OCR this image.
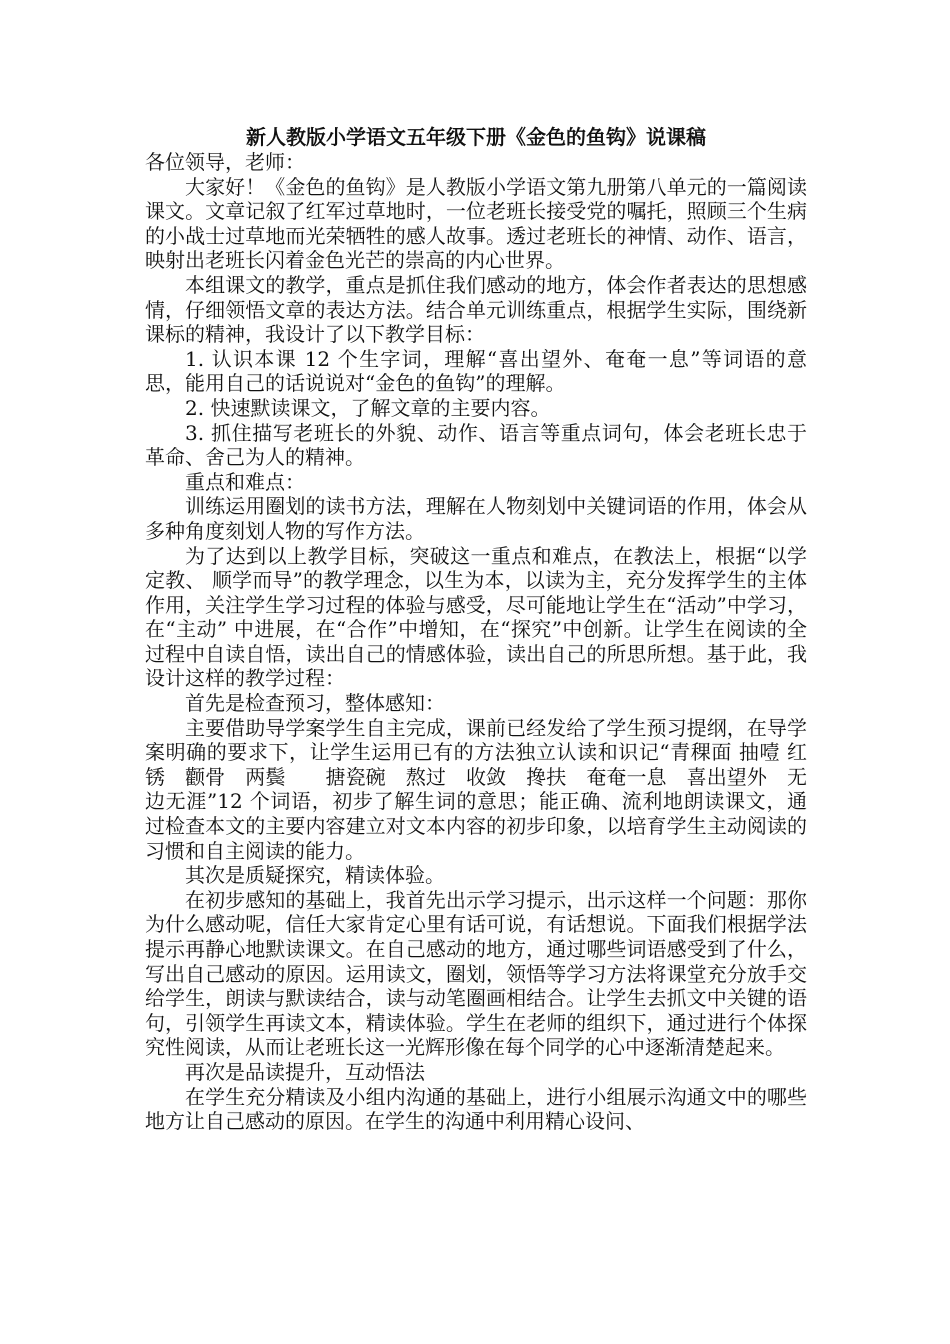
新人教版小学语文五年级下册《金色的鱼钩》说课稿

各位领导，老师：

大家好！《金色的鱼钩》是人教版小学语文第九册第八单元的一篇阅读课文。文章记叙了红军过草地时，一位老班长接受党的嘱托，照顾三个生病的小战士过草地而光荣牺牲的感人故事。透过老班长的神情、动作、语言，映射出老班长闪着金色光芒的崇高的内心世界。

本组课文的教学，重点是抓住我们感动的地方，体会作者表达的思想感情，仔细领悟文章的表达方法。结合单元训练重点，根据学生实际，围绕新课标的精神，我设计了以下教学目标：

1. 认识本课 12 个生字词，理解“喜出望外、奄奄一息”等词语的意思，能用自己的话说说对“金色的鱼钩”的理解。

2. 快速默读课文，了解文章的主要内容。

3. 抓住描写老班长的外貌、动作、语言等重点词句，体会老班长忠于革命、舍己为人的精神。

重点和难点：

训练运用圈划的读书方法，理解在人物刻划中关键词语的作用，体会从多种角度刻划人物的写作方法。

为了达到以上教学目标，突破这一重点和难点，在教法上，根据“以学定教、 顺学而导”的教学理念，以生为本，以读为主，充分发挥学生的主体作用，关注学生学习过程的体验与感受，尽可能地让学生在“活动”中学习，在“主动” 中进展，在“合作”中增知，在“探究”中创新。让学生在阅读的全过程中自读自悟，读出自己的情感体验，读出自己的所思所想。基于此，我设计这样的教学过程：

首先是检查预习，整体感知：

主要借助导学案学生自主完成，课前已经发给了学生预习提纲，在导学案明确的要求下，让学生运用已有的方法独立认读和识记“青稞面 抽噎 红锈　颧骨　两鬓　　搪瓷碗　熬过　收敛　搀扶　奄奄一息　喜出望外　无边无涯”12 个词语，初步了解生词的意思；能正确、流利地朗读课文，通过检查本文的主要内容建立对文本内容的初步印象，以培育学生主动阅读的习惯和自主阅读的能力。

其次是质疑探究，精读体验。

在初步感知的基础上，我首先出示学习提示，出示这样一个问题：那你为什么感动呢，信任大家肯定心里有话可说，有话想说。下面我们根据学法提示再静心地默读课文。在自己感动的地方，通过哪些词语感受到了什么，写出自己感动的原因。运用读文，圈划，领悟等学习方法将课堂充分放手交给学生，朗读与默读结合，读与动笔圈画相结合。让学生去抓文中关键的语句，引领学生再读文本，精读体验。学生在老师的组织下，通过进行个体探究性阅读，从而让老班长这一光辉形像在每个同学的心中逐渐清楚起来。

再次是品读提升，互动悟法

在学生充分精读及小组内沟通的基础上，进行小组展示沟通文中的哪些地方让自己感动的原因。在学生的沟通中利用精心设问、
